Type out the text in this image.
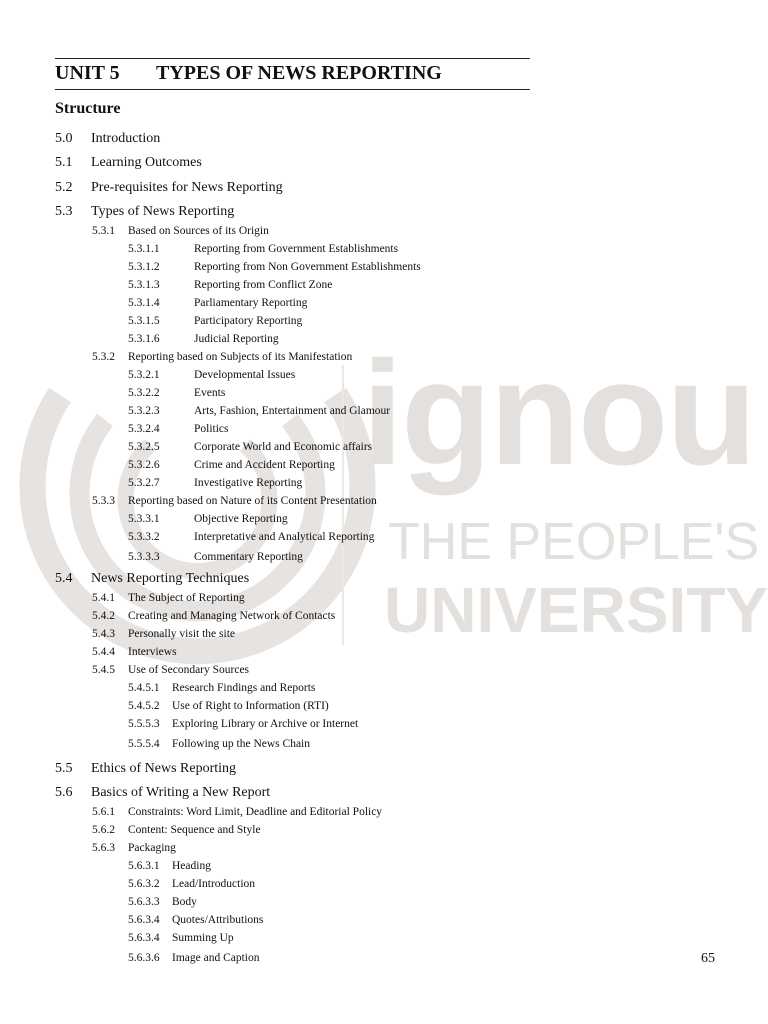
ignou
THE PEOPLE'S
UNIVERSITY
UNIT 5 TYPES OF NEWS REPORTING
Structure
5.0 Introduction
5.1 Learning Outcomes
5.2 Pre-requisites for News Reporting
5.3 Types of News Reporting
5.3.1 Based on Sources of its Origin
5.3.1.1	Reporting from Government Establishments
5.3.1.2	Reporting from Non Government Establishments
5.3.1.3	Reporting from Conflict Zone
5.3.1.4	Parliamentary Reporting
5.3.1.5	Participatory Reporting
5.3.1.6	Judicial Reporting
5.3.2 Reporting based on Subjects of its Manifestation
5.3.2.1	Developmental Issues
5.3.2.2	Events
5.3.2.3	Arts, Fashion, Entertainment and Glamour
5.3.2.4	Politics
5.3.2.5	Corporate World and Economic affairs
5.3.2.6	Crime and Accident Reporting
5.3.2.7	Investigative Reporting
5.3.3 Reporting based on Nature of its Content Presentation
5.3.3.1	Objective Reporting
5.3.3.2	Interpretative and Analytical Reporting
5.3.3.3	Commentary Reporting
5.4 News Reporting Techniques
5.4.1 The Subject of Reporting
5.4.2 Creating and Managing Network of Contacts
5.4.3 Personally visit the site
5.4.4 Interviews
5.4.5 Use of Secondary Sources
5.4.5.1 Research Findings and Reports
5.4.5.2 Use of Right to Information (RTI)
5.5.5.3 Exploring Library or Archive or Internet
5.5.5.4 Following up the News Chain
5.5 Ethics of News Reporting
5.6 Basics of Writing a New Report
5.6.1 Constraints: Word Limit, Deadline and Editorial Policy
5.6.2 Content: Sequence and Style
5.6.3 Packaging
5.6.3.1 Heading
5.6.3.2 Lead/Introduction
5.6.3.3 Body
5.6.3.4 Quotes/Attributions
5.6.3.4 Summing Up
5.6.3.6 Image and Caption	65
